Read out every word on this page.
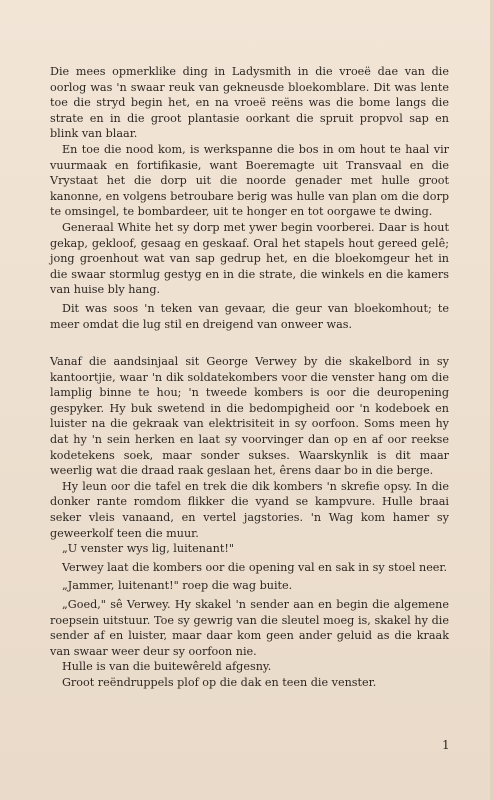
Die mees opmerklike ding in Ladysmith in die vroeë dae van die oorlog was 'n swaar reuk van gekneusde bloekomblare. Dit was lente toe die stryd begin het, en na vroeë reëns was die bome langs die strate en in die groot plantasie oorkant die spruit propvol sap en blink van blaar.

En toe die nood kom, is werkspanne die bos in om hout te haal vir vuurmaak en fortifikasie, want Boeremagte uit Transvaal en die Vrystaat het die dorp uit die noorde genader met hulle groot kanonne, en volgens betroubare berig was hulle van plan om die dorp te omsingel, te bombardeer, uit te honger en tot oorgawe te dwing.

Generaal White het sy dorp met ywer begin voorberei. Daar is hout gekap, gekloof, gesaag en geskaaf. Oral het stapels hout gereed gelê; jong groenhout wat van sap gedrup het, en die bloekomgeur het in die swaar stormlug gestyg en in die strate, die winkels en die kamers van huise bly hang.

Dit was soos 'n teken van gevaar, die geur van bloekomhout; te meer omdat die lug stil en dreigend van onweer was.

Vanaf die aandsinjaal sit George Verwey by die skakelbord in sy kantoortjie, waar 'n dik soldatekombers voor die venster hang om die lamplig binne te hou; 'n tweede kombers is oor die deuropening gespyker. Hy buk swetend in die bedompigheid oor 'n kodeboek en luister na die gekraak van elektrisiteit in sy oorfoon. Soms meen hy dat hy 'n sein herken en laat sy voorvinger dan op en af oor reekse kodetekens soek, maar sonder sukses. Waarskynlik is dit maar weerlig wat die draad raak geslaan het, êrens daar bo in die berge.

Hy leun oor die tafel en trek die dik kombers 'n skrefie opsy. In die donker rante romdom flikker die vyand se kampvure. Hulle braai seker vleis vanaand, en vertel jagstories. 'n Wag kom hamer sy geweerkolf teen die muur.

„U venster wys lig, luitenant!"

Verwey laat die kombers oor die opening val en sak in sy stoel neer.

„Jammer, luitenant!" roep die wag buite.

„Goed," sê Verwey. Hy skakel 'n sender aan en begin die algemene roepsein uitstuur. Toe sy gewrig van die sleutel moeg is, skakel hy die sender af en luister, maar daar kom geen ander geluid as die kraak van swaar weer deur sy oorfoon nie.

Hulle is van die buitewêreld afgesny.

Groot reëndruppels plof op die dak en teen die venster.

1
